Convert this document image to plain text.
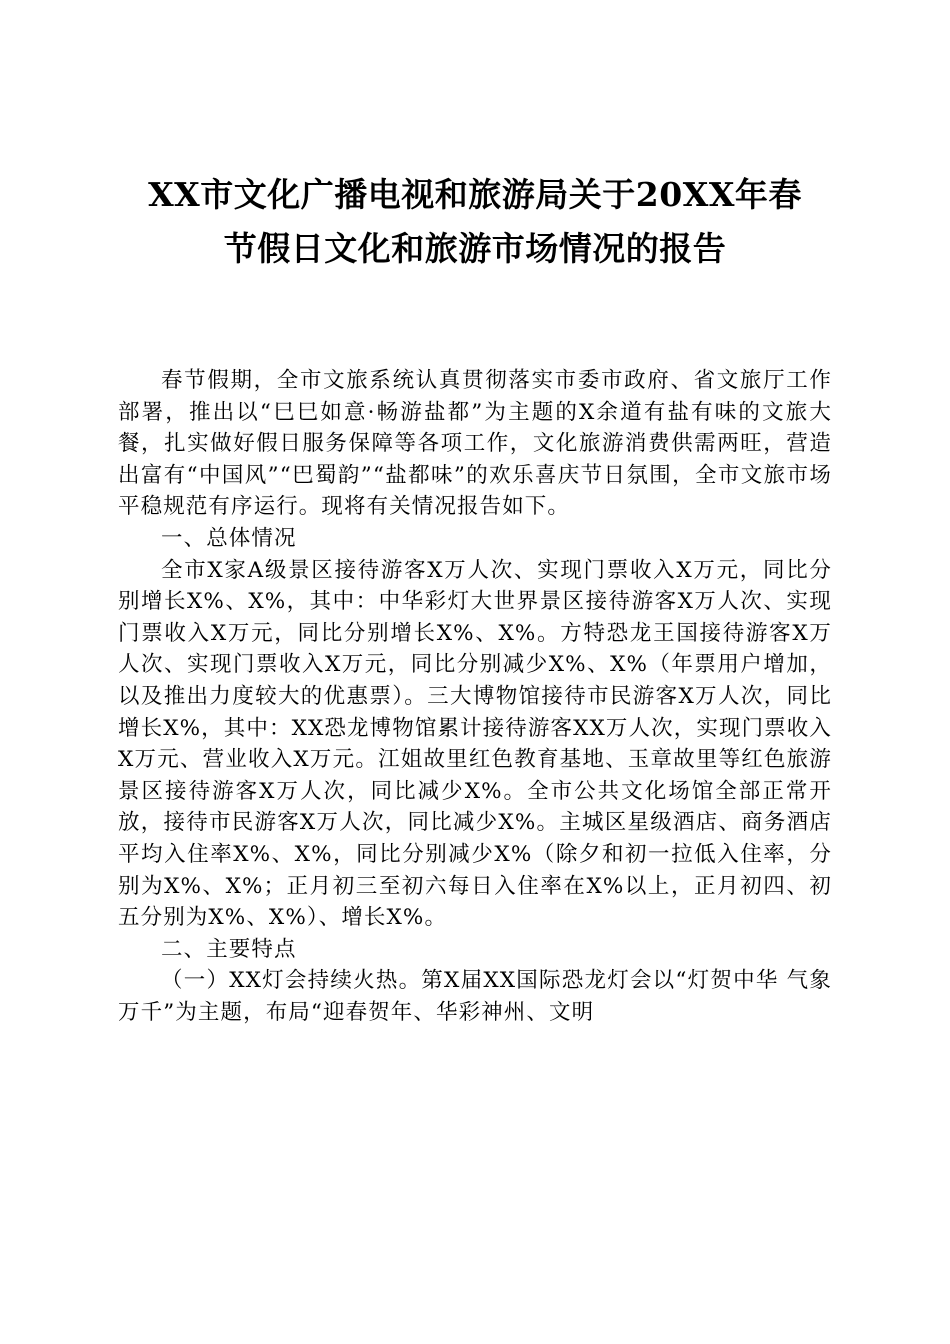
XX市文化广播电视和旅游局关于20XX年春
节假日文化和旅游市场情况的报告

春节假期，全市文旅系统认真贯彻落实市委市政府、省文旅厅工作部署，推出以“巳巳如意·畅游盐都”为主题的X余道有盐有味的文旅大餐，扎实做好假日服务保障等各项工作，文化旅游消费供需两旺，营造出富有“中国风”“巴蜀韵”“盐都味”的欢乐喜庆节日氛围，全市文旅市场平稳规范有序运行。现将有关情况报告如下。

一、总体情况

全市X家A级景区接待游客X万人次、实现门票收入X万元，同比分别增长X%、X%，其中：中华彩灯大世界景区接待游客X万人次、实现门票收入X万元，同比分别增长X%、X%。方特恐龙王国接待游客X万人次、实现门票收入X万元，同比分别减少X%、X%（年票用户增加，以及推出力度较大的优惠票）。三大博物馆接待市民游客X万人次，同比增长X%，其中：XX恐龙博物馆累计接待游客XX万人次，实现门票收入X万元、营业收入X万元。江姐故里红色教育基地、玉章故里等红色旅游景区接待游客X万人次，同比减少X%。全市公共文化场馆全部正常开放，接待市民游客X万人次，同比减少X%。主城区星级酒店、商务酒店平均入住率X%、X%，同比分别减少X%（除夕和初一拉低入住率，分别为X%、X%；正月初三至初六每日入住率在X%以上，正月初四、初五分别为X%、X%）、增长X%。

二、主要特点

（一）XX灯会持续火热。第X届XX国际恐龙灯会以“灯贺中华 气象万千”为主题，布局“迎春贺年、华彩神州、文明
